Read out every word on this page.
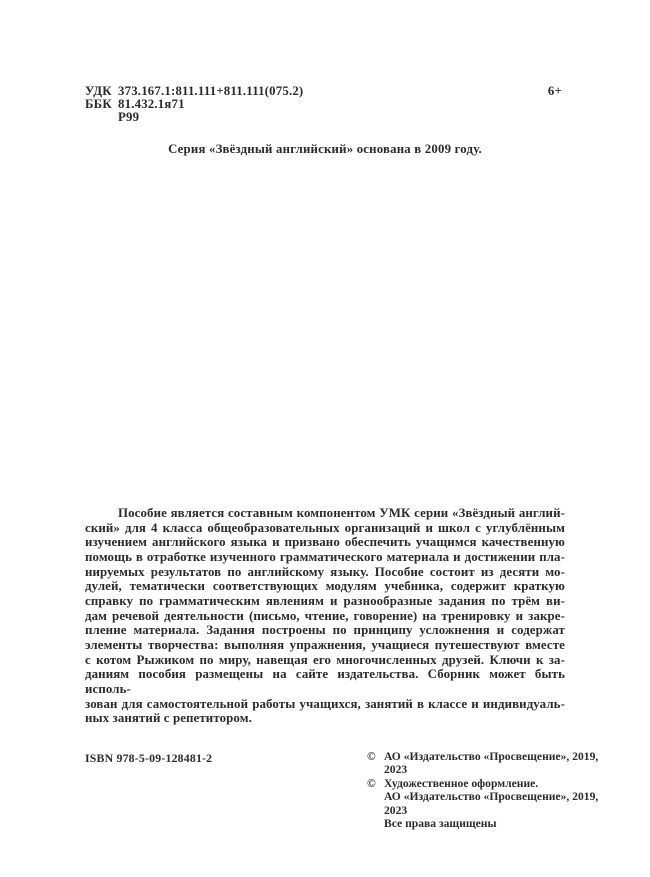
УДК 373.167.1:811.111+811.111(075.2)	6+
ББК 81.432.1я71
Р99
Серия «Звёздный английский» основана в 2009 году.
Пособие является составным компонентом УМК серии «Звёздный англий-
ский» для 4 класса общеобразовательных организаций и школ с углублённым
изучением английского языка и призвано обеспечить учащимся качественную
помощь в отработке изученного грамматического материала и достижении пла-
нируемых результатов по английскому языку. Пособие состоит из десяти мо-
дулей, тематически соответствующих модулям учебника, содержит краткую
справку по грамматическим явлениям и разнообразные задания по трём ви-
дам речевой деятельности (письмо, чтение, говорение) на тренировку и закре-
пление материала. Задания построены по принципу усложнения и содержат
элементы творчества: выполняя упражнения, учащиеся путешествуют вместе
с котом Рыжиком по миру, навещая его многочисленных друзей. Ключи к за-
даниям пособия размещены на сайте издательства. Сборник может быть исполь-
зован для самостоятельной работы учащихся, занятий в классе и индивидуаль-
ных занятий с репетитором.
ISBN 978-5-09-128481-2	© АО «Издательство «Просвещение», 2019, 2023
© Художественное оформление.
АО «Издательство «Просвещение», 2019, 2023
Все права защищены
